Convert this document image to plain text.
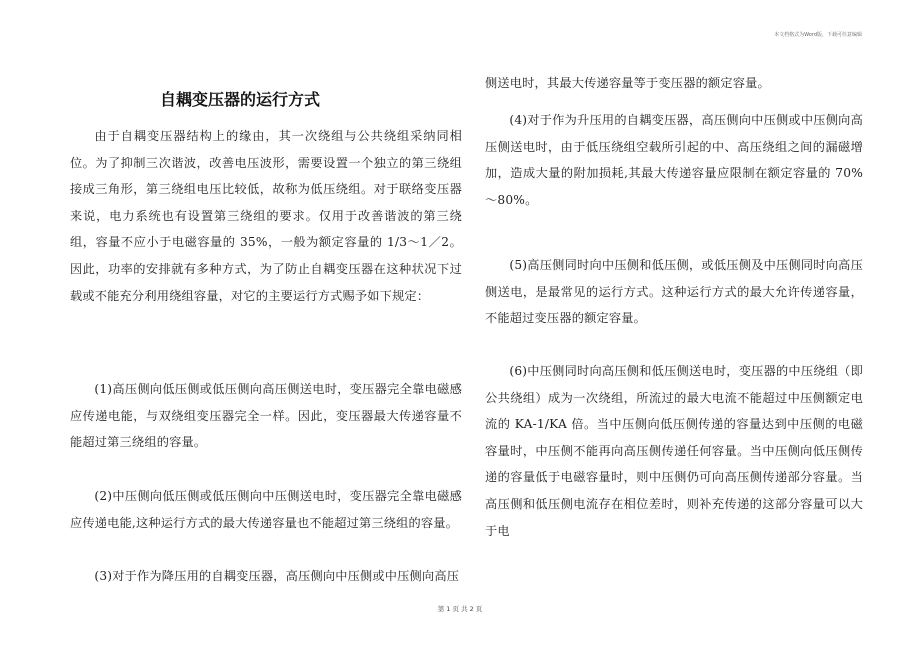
本文档格式为Word版，下载可任意编辑
自耦变压器的运行方式

由于自耦变压器结构上的缘由，其一次绕组与公共绕组采纳同相位。为了抑制三次谐波，改善电压波形，需要设置一个独立的第三绕组接成三角形，第三绕组电压比较低，故称为低压绕组。对于联络变压器来说，电力系统也有设置第三绕组的要求。仅用于改善谐波的第三绕组，容量不应小于电磁容量的 35%，一般为额定容量的 1/3～1／2。因此，功率的安排就有多种方式，为了防止自耦变压器在这种状况下过载或不能充分利用绕组容量，对它的主要运行方式赐予如下规定：

(1)高压侧向低压侧或低压侧向高压侧送电时，变压器完全靠电磁感应传递电能，与双绕组变压器完全一样。因此，变压器最大传递容量不能超过第三绕组的容量。

(2)中压侧向低压侧或低压侧向中压侧送电时，变压器完全靠电磁感应传递电能,这种运行方式的最大传递容量也不能超过第三绕组的容量。

(3)对于作为降压用的自耦变压器，高压侧向中压侧或中压侧向高压

侧送电时，其最大传递容量等于变压器的额定容量。

(4)对于作为升压用的自耦变压器，高压侧向中压侧或中压侧向高压侧送电时，由于低压绕组空载所引起的中、高压绕组之间的漏磁增加，造成大量的附加损耗,其最大传递容量应限制在额定容量的 70%～80%。

(5)高压侧同时向中压侧和低压侧，或低压侧及中压侧同时向高压侧送电，是最常见的运行方式。这种运行方式的最大允许传递容量，不能超过变压器的额定容量。

(6)中压侧同时向高压侧和低压侧送电时，变压器的中压绕组（即公共绕组）成为一次绕组，所流过的最大电流不能超过中压侧额定电流的 KA-1/KA 倍。当中压侧向低压侧传递的容量达到中压侧的电磁容量时，中压侧不能再向高压侧传递任何容量。当中压侧向低压侧传递的容量低于电磁容量时，则中压侧仍可向高压侧传递部分容量。当高压侧和低压侧电流存在相位差时，则补充传递的这部分容量可以大于电

第 1 页 共 2 页
